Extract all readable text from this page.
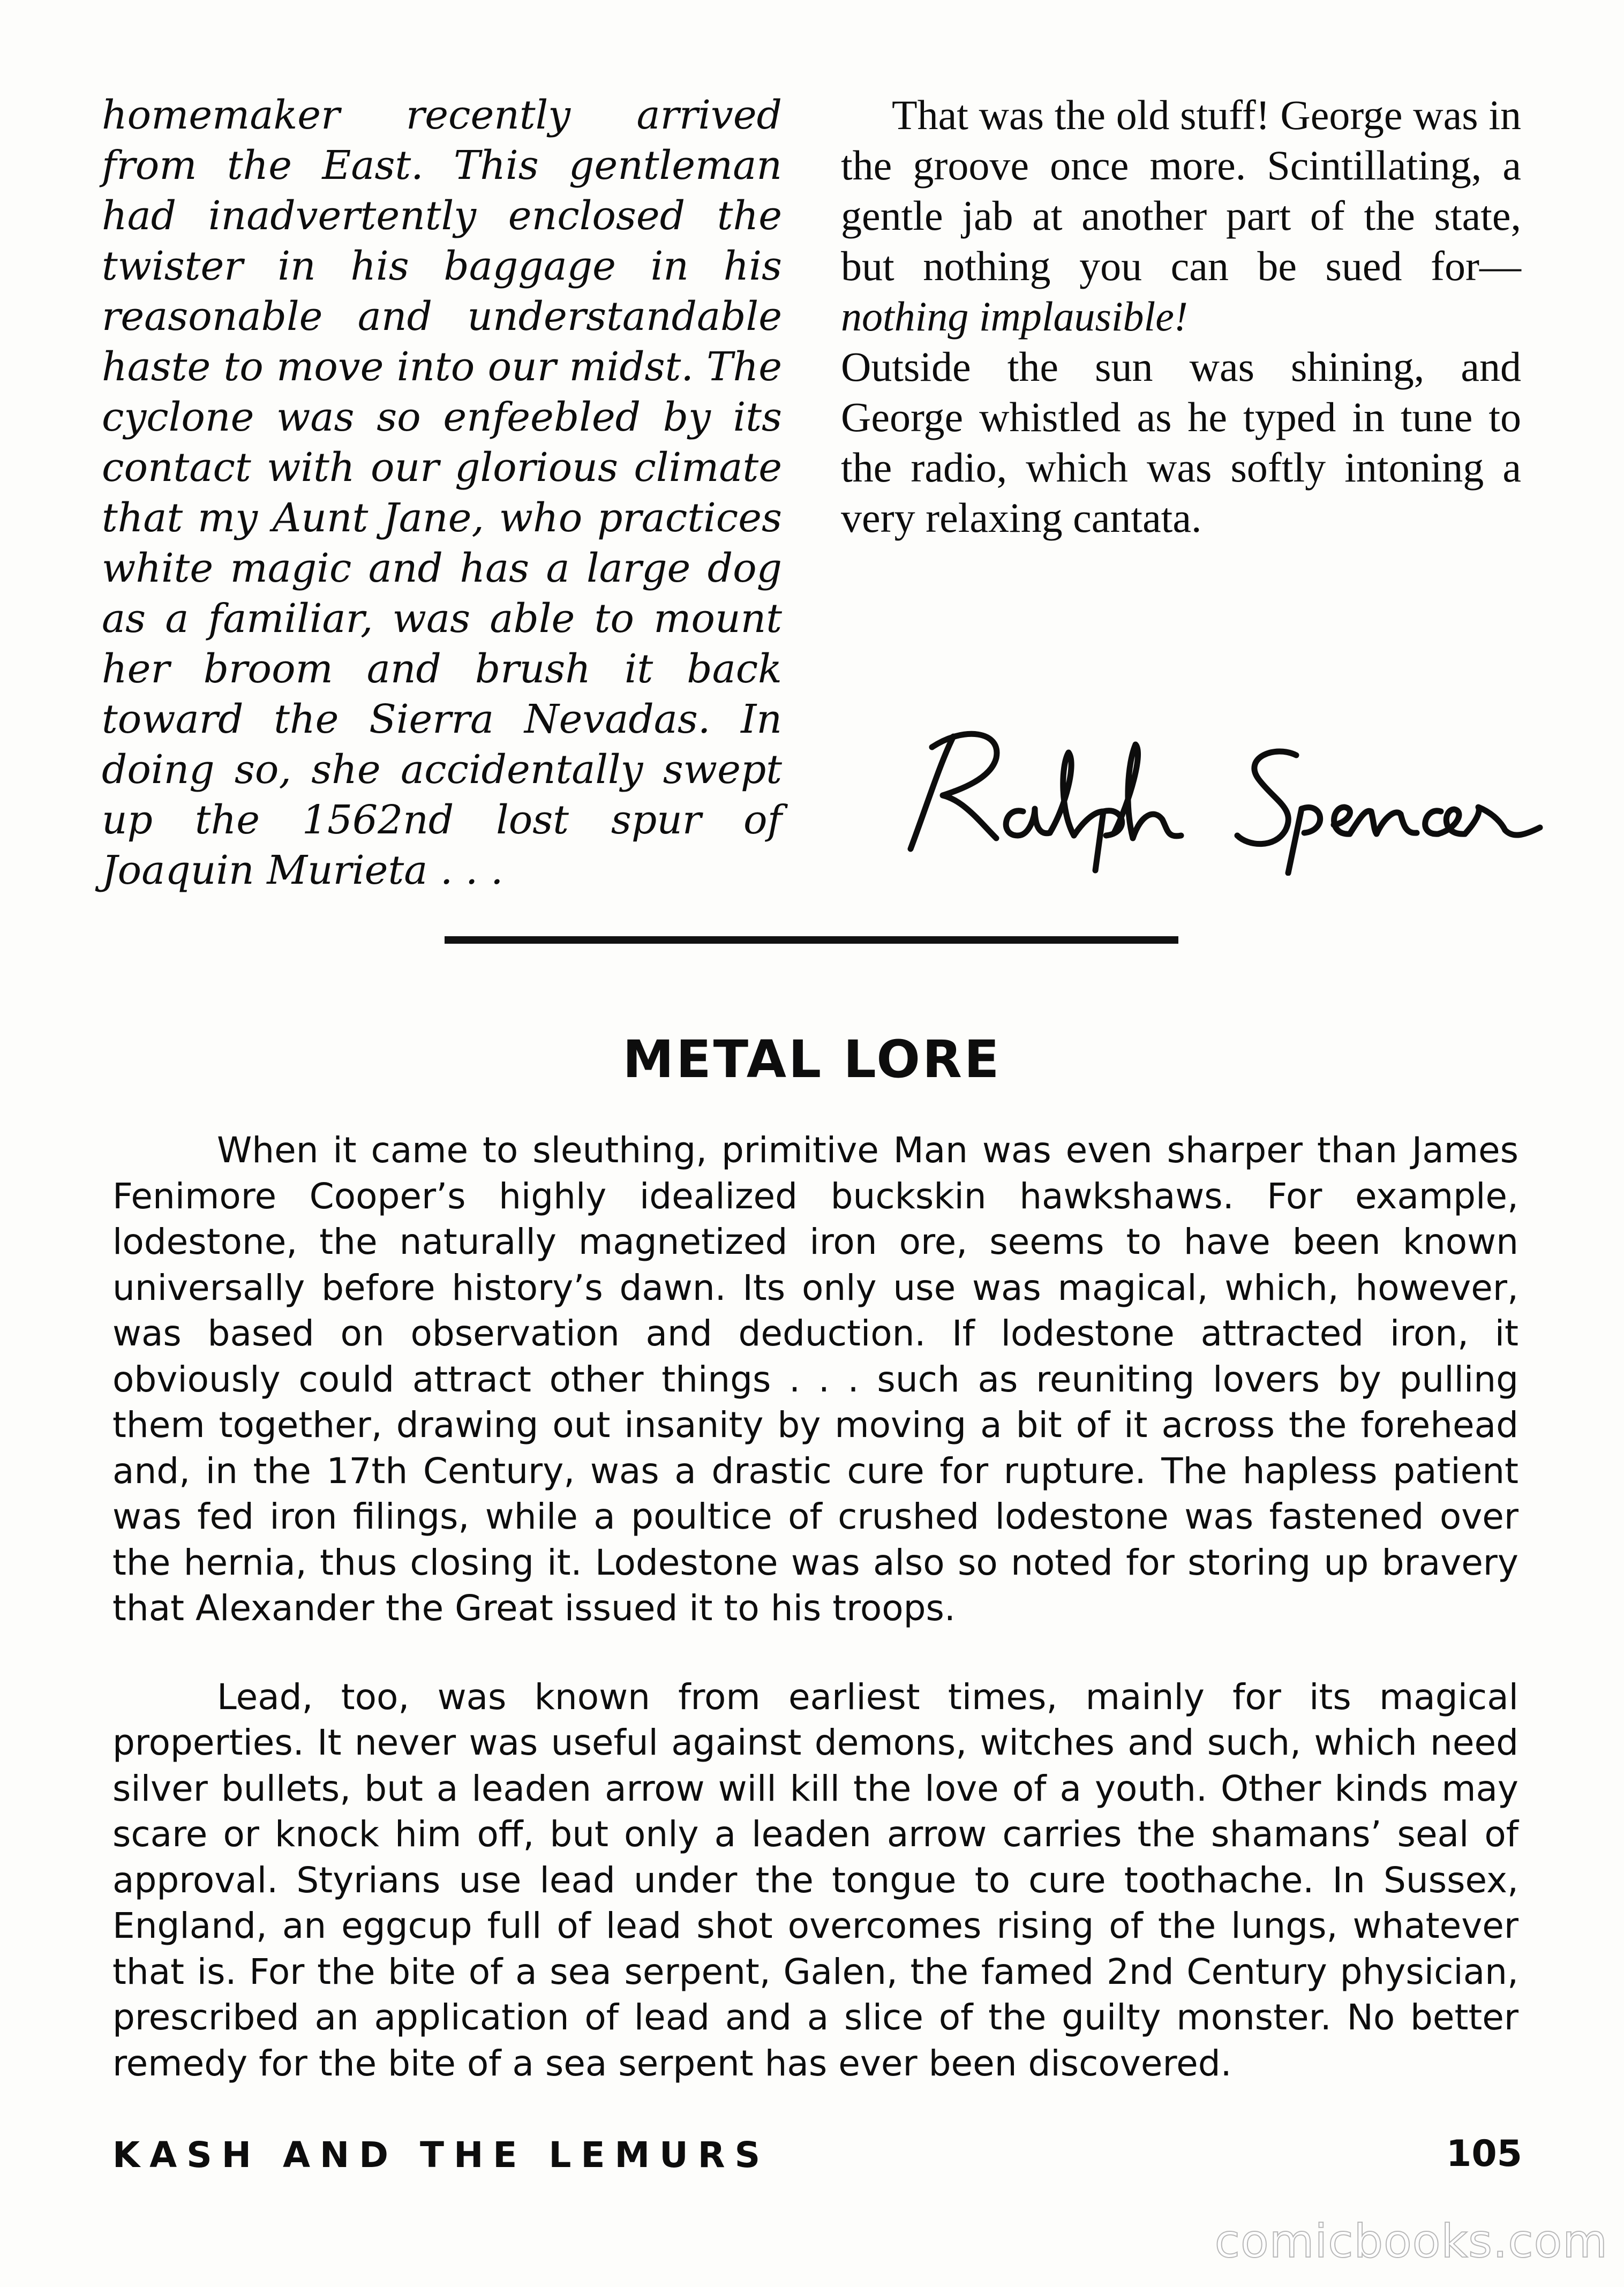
homemaker recently arrived from the East. This gentleman had inadvertently enclosed the twister in his baggage in his reasonable and understandable haste to move into our midst. The cyclone was so enfeebled by its contact with our glorious climate that my Aunt Jane, who practices white magic and has a large dog as a familiar, was able to mount her broom and brush it back toward the Sierra Nevadas. In doing so, she accidentally swept up the 1562nd lost spur of Joaquin Murieta . . .

That was the old stuff! George was in the groove once more. Scintillating, a gentle jab at another part of the state, but nothing you can be sued for—nothing implausible!

Outside the sun was shining, and George whistled as he typed in tune to the radio, which was softly intoning a very relaxing cantata.

METAL LORE

When it came to sleuthing, primitive Man was even sharper than James Fenimore Cooper’s highly idealized buckskin hawkshaws. For example, lodestone, the naturally magnetized iron ore, seems to have been known universally before history’s dawn. Its only use was magical, which, however, was based on observation and deduction. If lodestone attracted iron, it obviously could attract other things . . . such as reuniting lovers by pulling them together, drawing out insanity by moving a bit of it across the forehead and, in the 17th Century, was a drastic cure for rupture. The hapless patient was fed iron filings, while a poultice of crushed lodestone was fastened over the hernia, thus closing it. Lodestone was also so noted for storing up bravery that Alexander the Great issued it to his troops.

Lead, too, was known from earliest times, mainly for its magical properties. It never was useful against demons, witches and such, which need silver bullets, but a leaden arrow will kill the love of a youth. Other kinds may scare or knock him off, but only a leaden arrow carries the shamans’ seal of approval. Styrians use lead under the tongue to cure toothache. In Sussex, England, an eggcup full of lead shot overcomes rising of the lungs, whatever that is. For the bite of a sea serpent, Galen, the famed 2nd Century physician, prescribed an application of lead and a slice of the guilty monster. No better remedy for the bite of a sea serpent has ever been discovered.

KASH AND THE LEMURS	105
comicbooks.com
